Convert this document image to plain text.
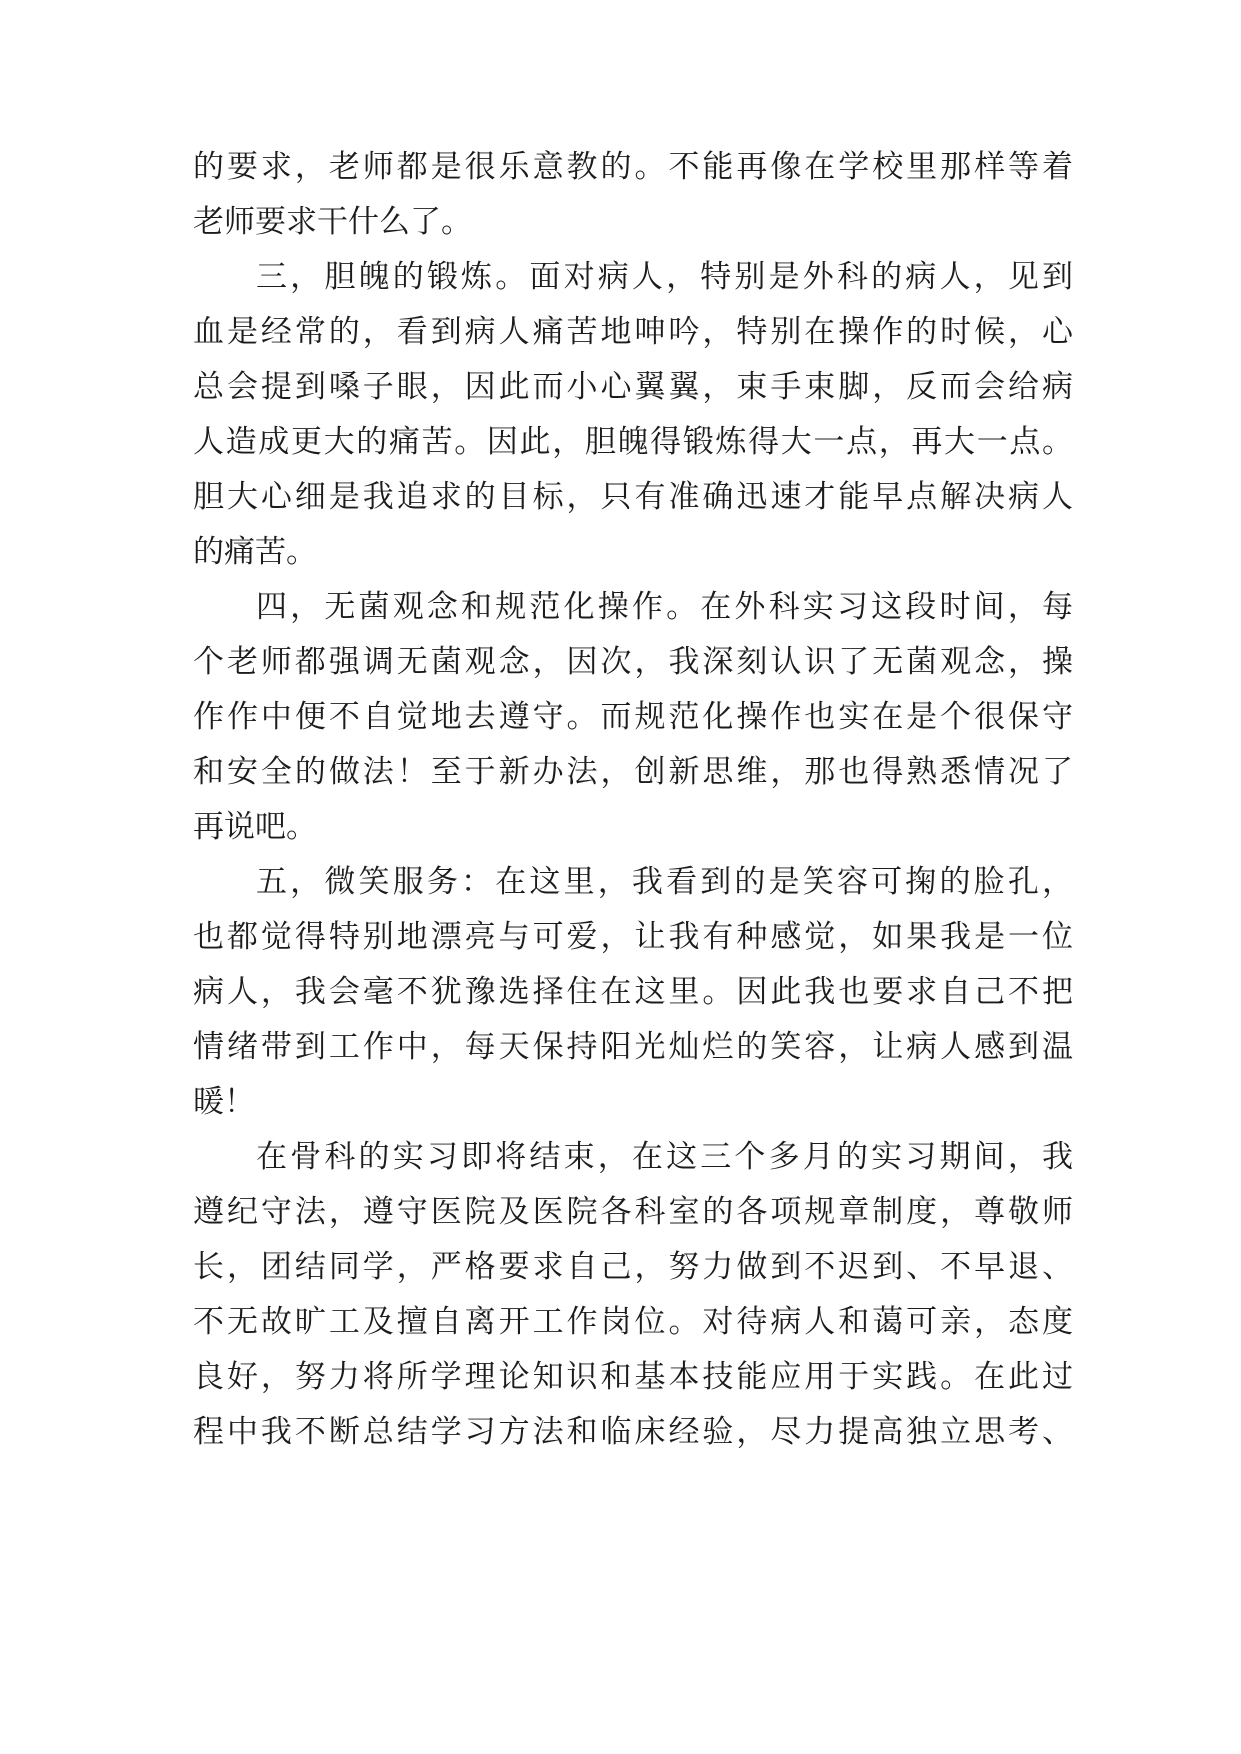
的要求，老师都是很乐意教的。不能再像在学校里那样等着

老师要求干什么了。

三，胆魄的锻炼。面对病人，特别是外科的病人，见到

血是经常的，看到病人痛苦地呻吟，特别在操作的时候，心

总会提到嗓子眼，因此而小心翼翼，束手束脚，反而会给病

人造成更大的痛苦。因此，胆魄得锻炼得大一点，再大一点。

胆大心细是我追求的目标，只有准确迅速才能早点解决病人

的痛苦。

四，无菌观念和规范化操作。在外科实习这段时间，每

个老师都强调无菌观念，因次，我深刻认识了无菌观念，操

作作中便不自觉地去遵守。而规范化操作也实在是个很保守

和安全的做法！至于新办法，创新思维，那也得熟悉情况了

再说吧。

五，微笑服务：在这里，我看到的是笑容可掬的脸孔，

也都觉得特别地漂亮与可爱，让我有种感觉，如果我是一位

病人，我会毫不犹豫选择住在这里。因此我也要求自己不把

情绪带到工作中，每天保持阳光灿烂的笑容，让病人感到温

暖！

在骨科的实习即将结束，在这三个多月的实习期间，我

遵纪守法，遵守医院及医院各科室的各项规章制度，尊敬师

长，团结同学，严格要求自己，努力做到不迟到、不早退、

不无故旷工及擅自离开工作岗位。对待病人和蔼可亲，态度

良好，努力将所学理论知识和基本技能应用于实践。在此过

程中我不断总结学习方法和临床经验，尽力提高独立思考、
